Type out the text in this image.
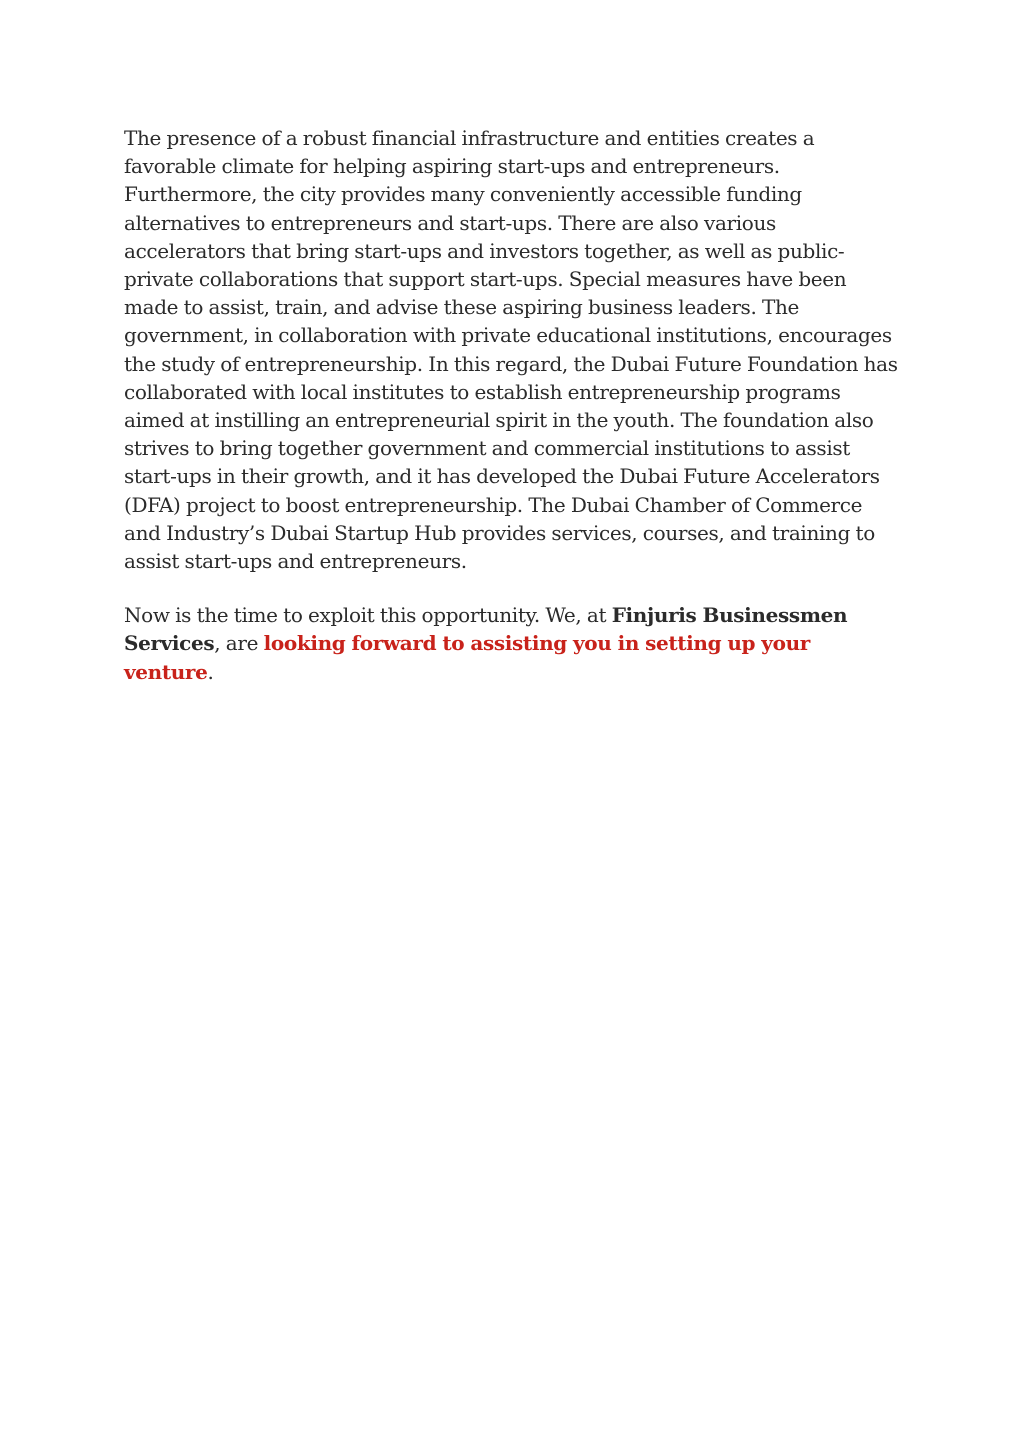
The presence of a robust financial infrastructure and entities creates a favorable climate for helping aspiring start-ups and entrepreneurs. Furthermore, the city provides many conveniently accessible funding alternatives to entrepreneurs and start-ups. There are also various accelerators that bring start-ups and investors together, as well as public-private collaborations that support start-ups. Special measures have been made to assist, train, and advise these aspiring business leaders. The government, in collaboration with private educational institutions, encourages the study of entrepreneurship. In this regard, the Dubai Future Foundation has collaborated with local institutes to establish entrepreneurship programs aimed at instilling an entrepreneurial spirit in the youth. The foundation also strives to bring together government and commercial institutions to assist start-ups in their growth, and it has developed the Dubai Future Accelerators (DFA) project to boost entrepreneurship. The Dubai Chamber of Commerce and Industry’s Dubai Startup Hub provides services, courses, and training to assist start-ups and entrepreneurs.

Now is the time to exploit this opportunity. We, at Finjuris Businessmen Services, are looking forward to assisting you in setting up your venture.
